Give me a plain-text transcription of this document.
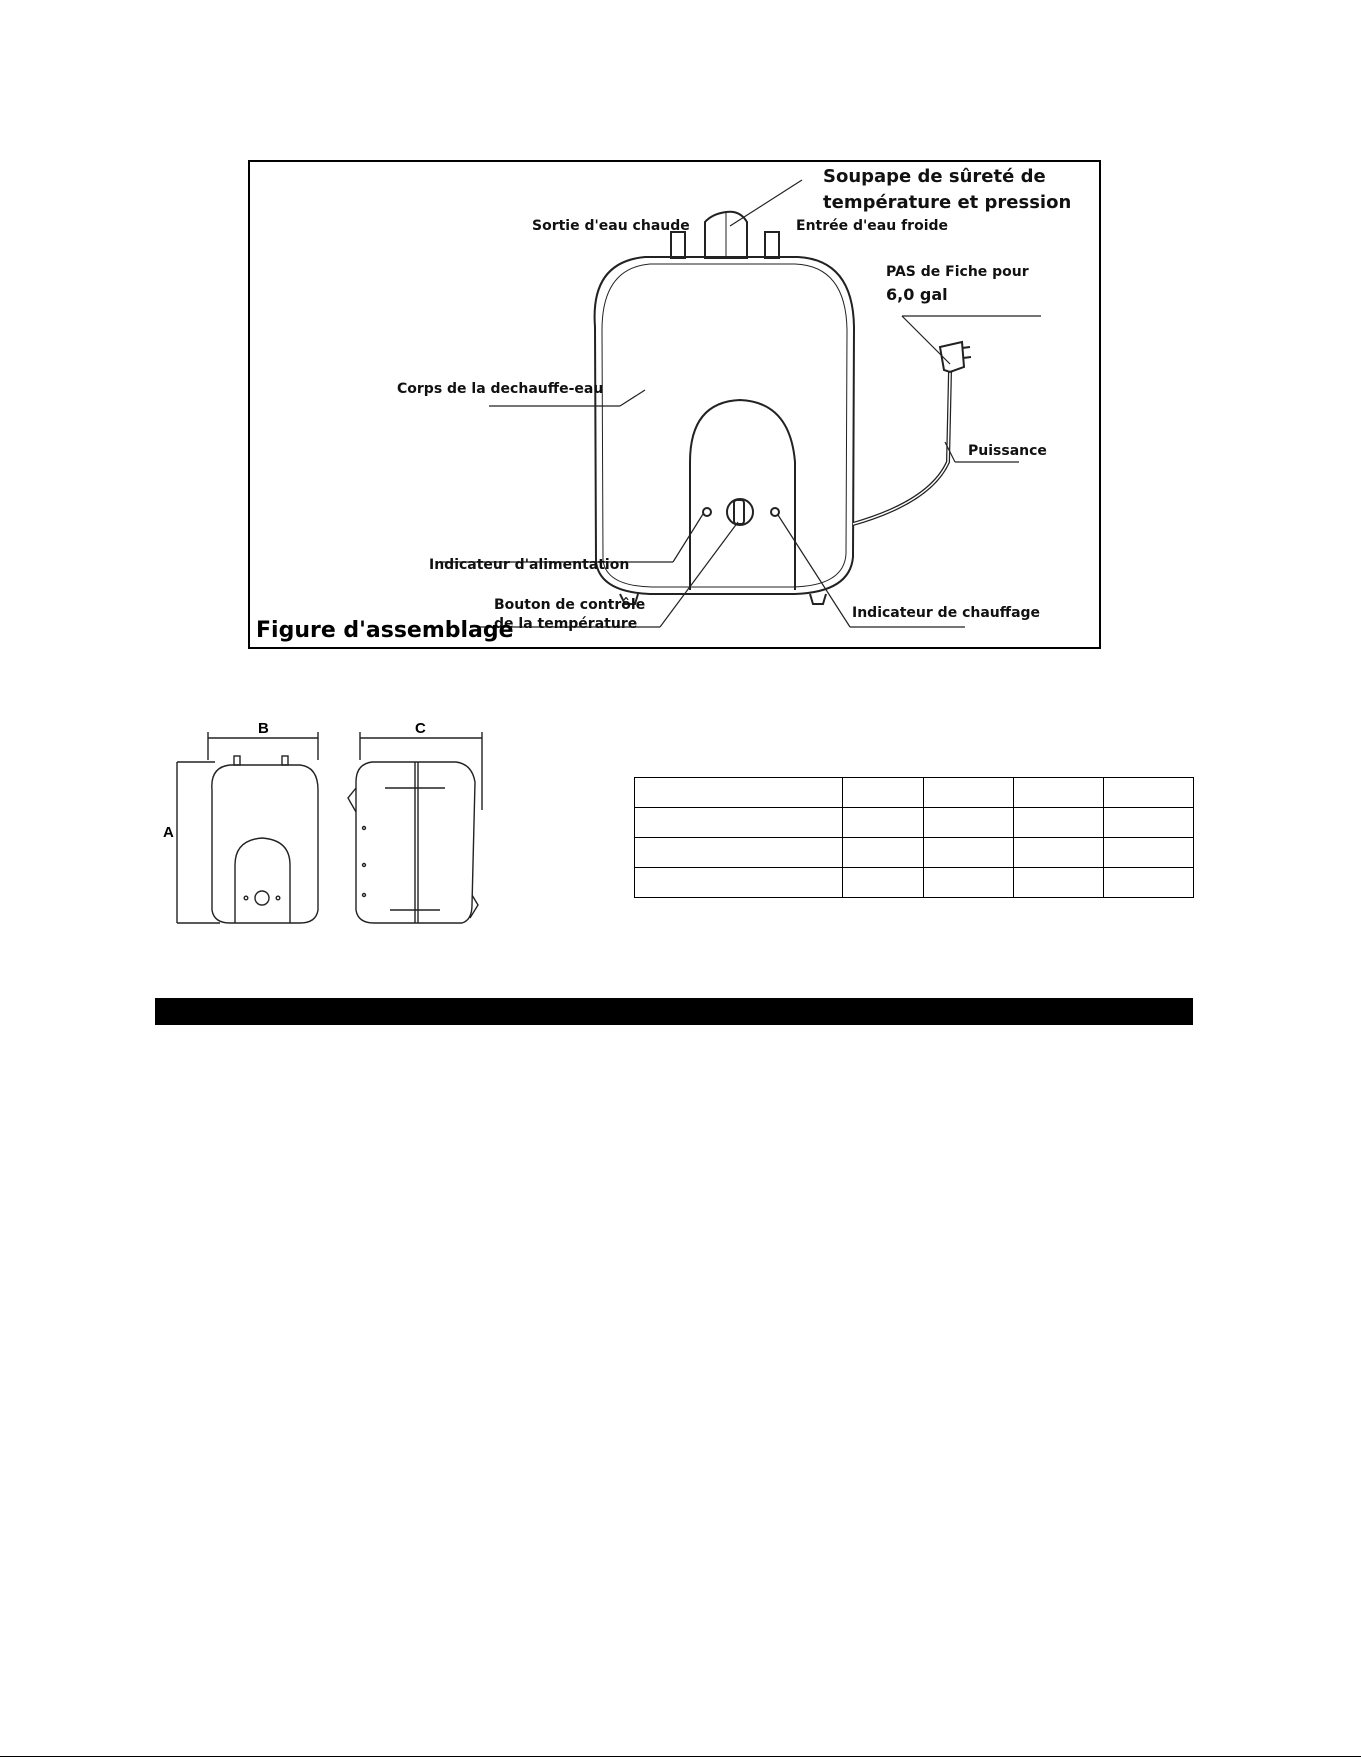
Soupape de sûreté de
température et pression
Sortie d'eau chaude	Entrée d'eau froide
PAS de Fiche pour
6,0 gal
Corps de la dechauffe-eau
Puissance
Indicateur d'alimentation
Bouton de contrôle
de la température
Indicateur de chauffage
Figure d'assemblage
B	C
A
